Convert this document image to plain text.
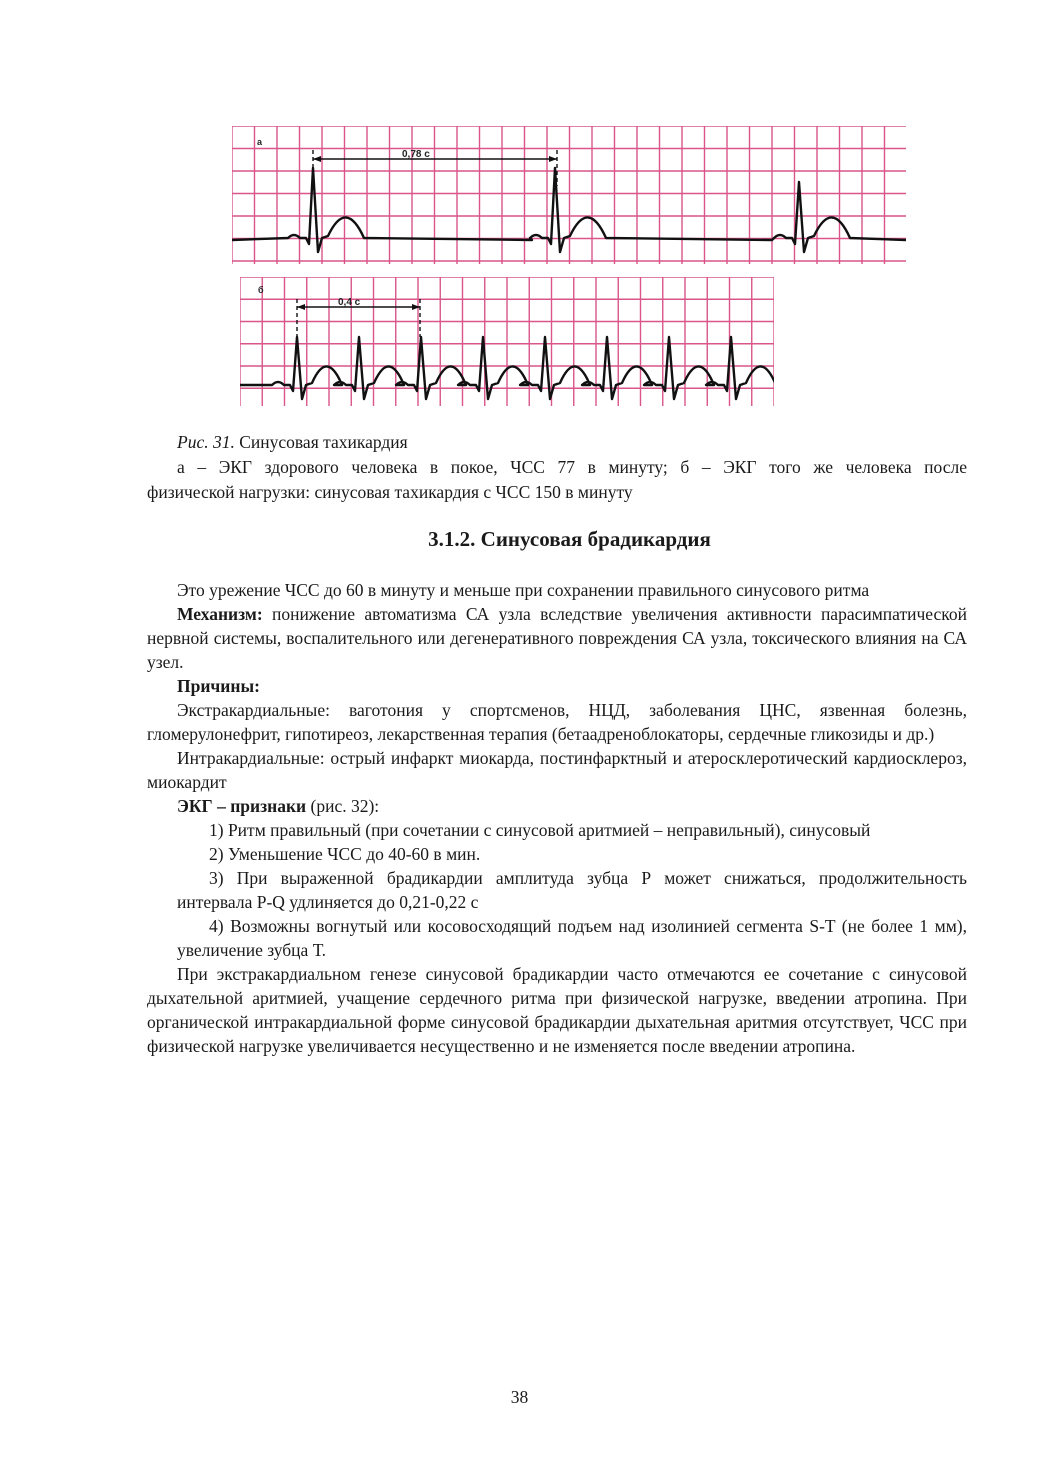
а
0,78 с
б
0,4 с
Рис. 31. Синусовая тахикардия
а – ЭКГ здорового человека в покое, ЧСС 77 в минуту; б – ЭКГ того же человека после
физической нагрузки: синусовая тахикардия с ЧСС 150 в минуту
3.1.2. Синусовая брадикардия

Это урежение ЧСС до 60 в минуту и меньше при сохранении правильного синусового ритма

Механизм: понижение автоматизма СА узла вследствие увеличения активности парасимпатической нервной системы, воспалительного или дегенеративного повреждения СА узла, токсического влияния на СА узел.

Причины:

Экстракардиальные: ваготония у спортсменов, НЦД, заболевания ЦНС, язвенная болезнь, гломерулонефрит, гипотиреоз, лекарственная терапия (бетаадреноблокаторы, сердечные гликозиды и др.)

Интракардиальные: острый инфаркт миокарда, постинфарктный и атеросклеротический кардиосклероз, миокардит

ЭКГ – признаки (рис. 32):

1) Ритм правильный (при сочетании с синусовой аритмией – неправильный), синусовый

2) Уменьшение ЧСС до 40-60 в мин.

3) При выраженной брадикардии амплитуда зубца Р может снижаться, продолжительность интервала P-Q удлиняется до 0,21-0,22 с

4) Возможны вогнутый или косовосходящий подъем над изолинией сегмента S-T (не более 1 мм), увеличение зубца Т.

При экстракардиальном генезе синусовой брадикардии часто отмечаются ее сочетание с синусовой дыхательной аритмией, учащение сердечного ритма при физической нагрузке, введении атропина. При органической интракардиальной форме синусовой брадикардии дыхательная аритмия отсутствует, ЧСС при физической нагрузке увеличивается несущественно и не изменяется после введении атропина.

38
